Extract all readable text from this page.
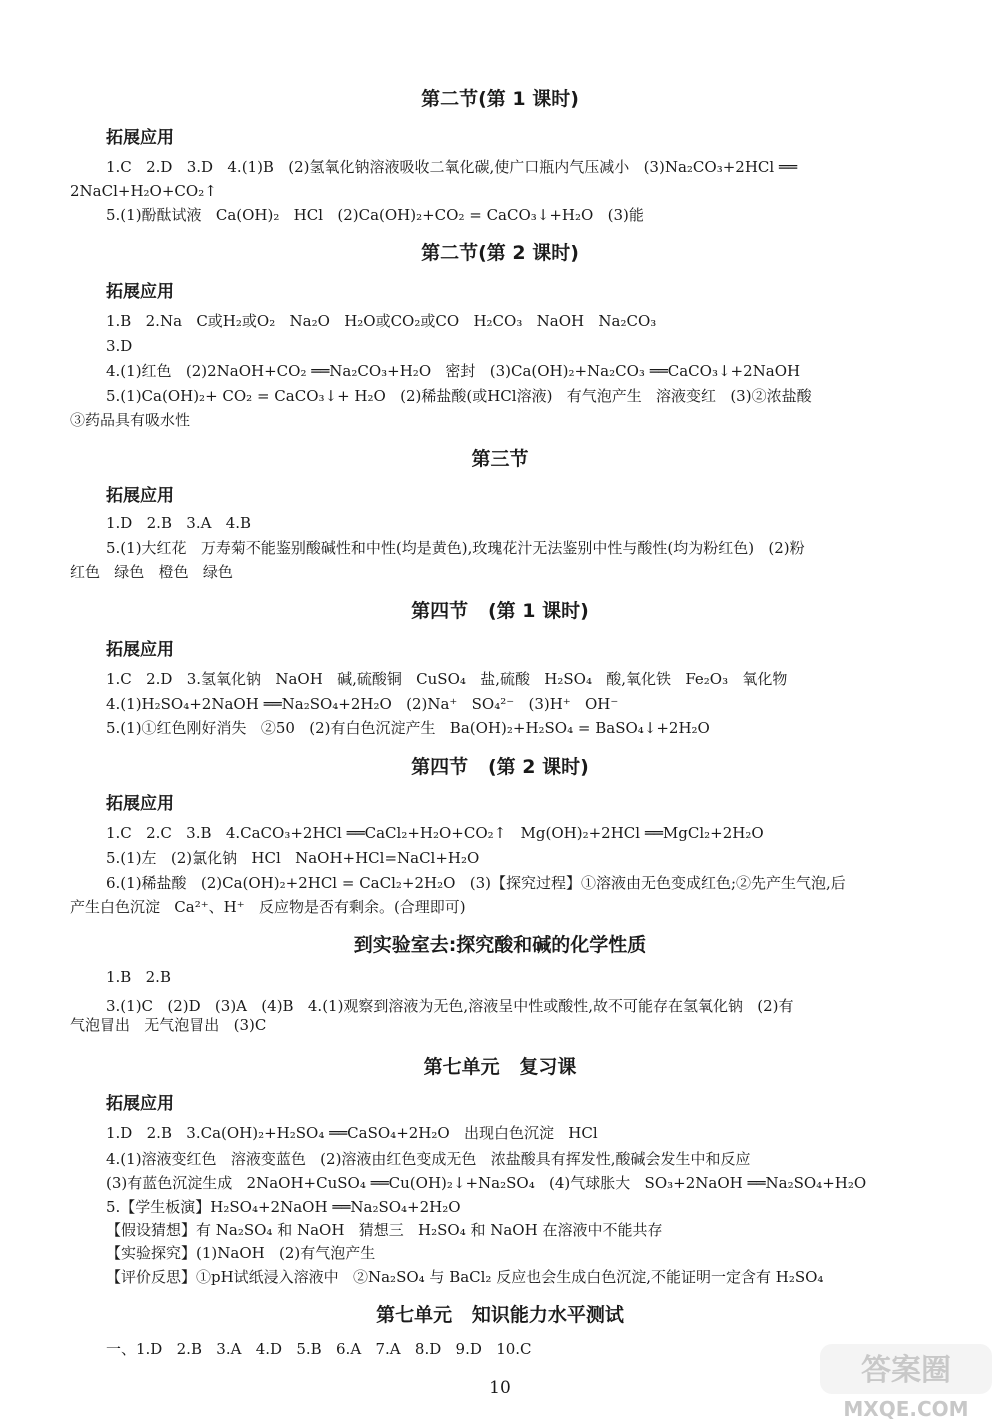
第二节(第 1 课时)
拓展应用
1.C   2.D   3.D   4.(1)B   (2)氢氧化钠溶液吸收二氧化碳,使广口瓶内气压减小   (3)Na₂CO₃+2HCl ══
2NaCl+H₂O+CO₂↑
5.(1)酚酞试液   Ca(OH)₂   HCl   (2)Ca(OH)₂+CO₂ = CaCO₃↓+H₂O   (3)能
第二节(第 2 课时)
拓展应用
1.B   2.Na   C或H₂或O₂   Na₂O   H₂O或CO₂或CO   H₂CO₃   NaOH   Na₂CO₃
3.D
4.(1)红色   (2)2NaOH+CO₂ ══Na₂CO₃+H₂O   密封   (3)Ca(OH)₂+Na₂CO₃ ══CaCO₃↓+2NaOH
5.(1)Ca(OH)₂+ CO₂ = CaCO₃↓+ H₂O   (2)稀盐酸(或HCl溶液)   有气泡产生   溶液变红   (3)②浓盐酸
③药品具有吸水性
第三节
拓展应用
1.D   2.B   3.A   4.B
5.(1)大红花   万寿菊不能鉴别酸碱性和中性(均是黄色),玫瑰花汁无法鉴别中性与酸性(均为粉红色)   (2)粉
红色   绿色   橙色   绿色
第四节   (第 1 课时)
拓展应用
1.C   2.D   3.氢氧化钠   NaOH   碱,硫酸铜   CuSO₄   盐,硫酸   H₂SO₄   酸,氧化铁   Fe₂O₃   氧化物
4.(1)H₂SO₄+2NaOH ══Na₂SO₄+2H₂O   (2)Na⁺   SO₄²⁻   (3)H⁺   OH⁻
5.(1)①红色刚好消失   ②50   (2)有白色沉淀产生   Ba(OH)₂+H₂SO₄ = BaSO₄↓+2H₂O
第四节   (第 2 课时)
拓展应用
1.C   2.C   3.B   4.CaCO₃+2HCl ══CaCl₂+H₂O+CO₂↑   Mg(OH)₂+2HCl ══MgCl₂+2H₂O
5.(1)左   (2)氯化钠   HCl   NaOH+HCl=NaCl+H₂O
6.(1)稀盐酸   (2)Ca(OH)₂+2HCl = CaCl₂+2H₂O   (3)【探究过程】①溶液由无色变成红色;②先产生气泡,后
产生白色沉淀   Ca²⁺、H⁺   反应物是否有剩余。(合理即可)
到实验室去:探究酸和碱的化学性质
1.B   2.B
3.(1)C   (2)D   (3)A   (4)B   4.(1)观察到溶液为无色,溶液呈中性或酸性,故不可能存在氢氧化钠   (2)有
气泡冒出   无气泡冒出   (3)C
第七单元   复习课
拓展应用
1.D   2.B   3.Ca(OH)₂+H₂SO₄ ══CaSO₄+2H₂O   出现白色沉淀   HCl
4.(1)溶液变红色   溶液变蓝色   (2)溶液由红色变成无色   浓盐酸具有挥发性,酸碱会发生中和反应
(3)有蓝色沉淀生成   2NaOH+CuSO₄ ══Cu(OH)₂↓+Na₂SO₄   (4)气球胀大   SO₃+2NaOH ══Na₂SO₄+H₂O
5.【学生板演】H₂SO₄+2NaOH ══Na₂SO₄+2H₂O
【假设猜想】有 Na₂SO₄ 和 NaOH   猜想三   H₂SO₄ 和 NaOH 在溶液中不能共存
【实验探究】(1)NaOH   (2)有气泡产生
【评价反思】①pH试纸浸入溶液中   ②Na₂SO₄ 与 BaCl₂ 反应也会生成白色沉淀,不能证明一定含有 H₂SO₄
第七单元   知识能力水平测试
一、1.D   2.B   3.A   4.D   5.B   6.A   7.A   8.D   9.D   10.C
10	答案圈
MXQE.COM
